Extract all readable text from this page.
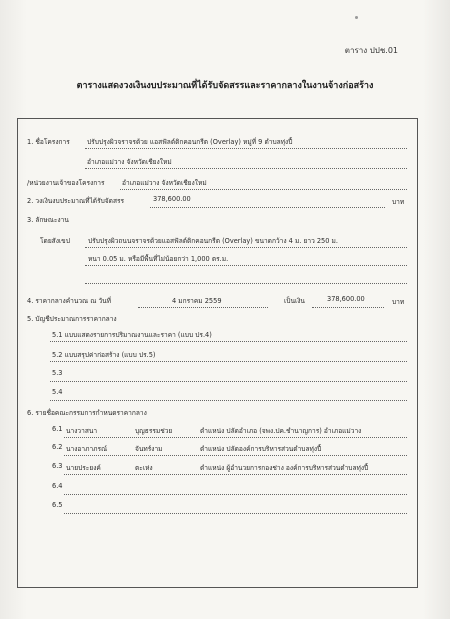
ตาราง ปปช.01
ตารางแสดงวงเงินงบประมาณที่ได้รับจัดสรรและราคากลางในงานจ้างก่อสร้าง
1. ชื่อโครงการ	ปรับปรุงผิวจราจรด้วย แอสฟัลต์ติกคอนกรีต (Overlay) หมู่ที่ 9 ตำบลทุ่งปี้
อำเภอแม่วาง จังหวัดเชียงใหม่
/หน่วยงานเจ้าของโครงการ	อำเภอแม่วาง จังหวัดเชียงใหม่
2. วงเงินงบประมาณที่ได้รับจัดสรร	378,600.00	บาท
3. ลักษณะงาน
โดยสังเขป	ปรับปรุงผิวถนนจราจรด้วยแอสฟัลต์ติกคอนกรีต (Overlay) ขนาดกว้าง 4 ม. ยาว 250 ม.
หนา 0.05 ม. หรือมีพื้นที่ไม่น้อยกว่า 1,000 ตร.ม.
4. ราคากลางคำนวณ ณ วันที่	4 มกราคม 2559	เป็นเงิน	378,600.00	บาท
5. บัญชีประมาณการราคากลาง
5.1 แบบแสดงรายการปริมาณงานและราคา (แบบ ปร.4)
5.2 แบบสรุปค่าก่อสร้าง (แบบ ปร.5)
5.3
5.4
6. รายชื่อคณะกรรมการกำหนดราคากลาง
6.1 นางวาสนา	บุญธรรมช่วย	ตำแหน่ง ปลัดอำเภอ (จพง.ปค.ชำนาญการ) อำเภอแม่วาง
6.2 นางอาภาภรณ์	จันทร์งาม	ตำแหน่ง ปลัดองค์การบริหารส่วนตำบลทุ่งปี้
6.3 นายประยงค์	ตะเห่ง	ตำแหน่ง ผู้อำนวยการกองช่าง องค์การบริหารส่วนตำบลทุ่งปี้
6.4
6.5
